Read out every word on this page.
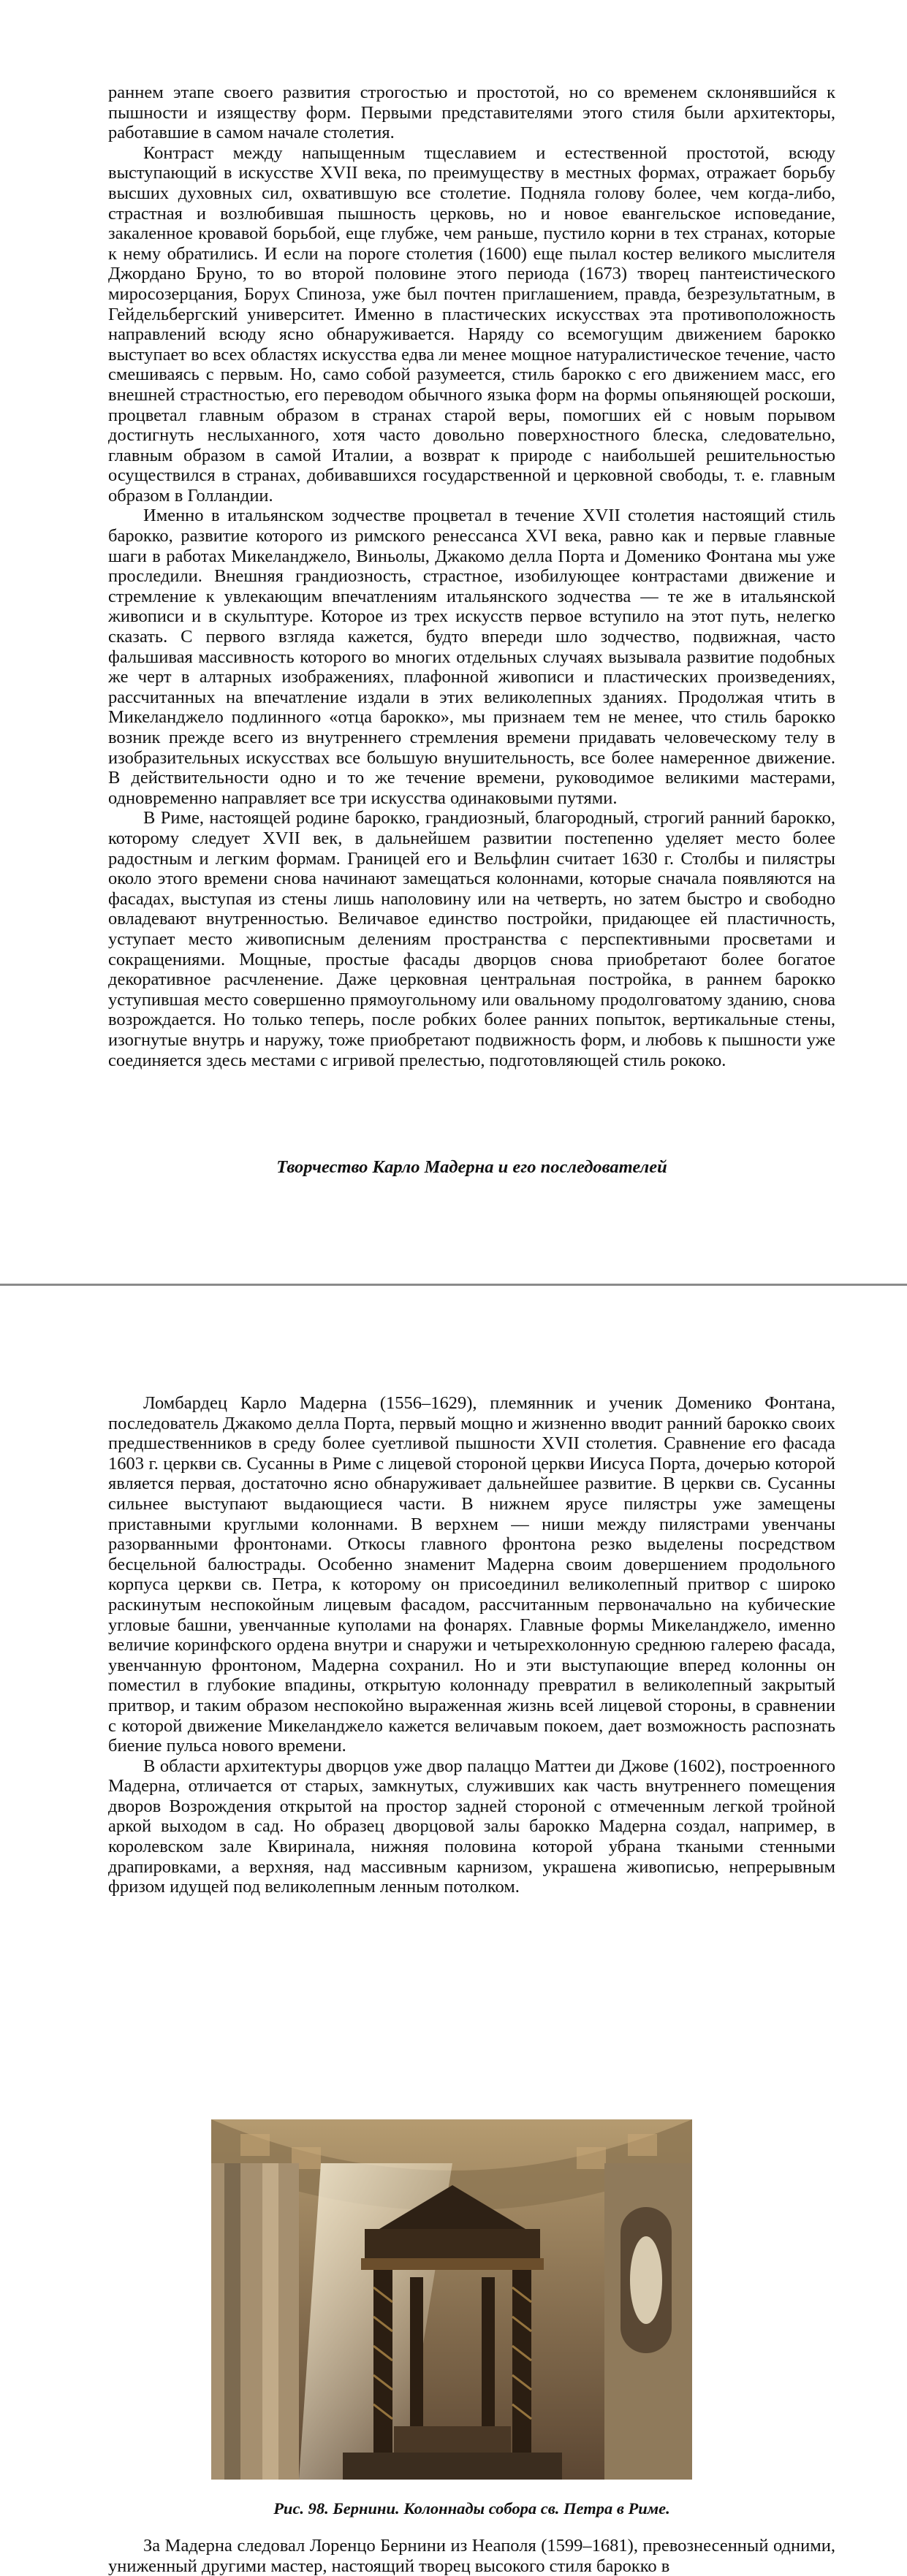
раннем этапе своего развития строгостью и простотой, но со временем склонявшийся к пышности и изяществу форм. Первыми представителями этого стиля были архитекторы, работавшие в самом начале столетия.

Контраст между напыщенным тщеславием и естественной простотой, всюду выступающий в искусстве XVII века, по преимуществу в местных формах, отражает борьбу высших духовных сил, охватившую все столетие. Подняла голову более, чем когда-либо, страстная и возлюбившая пышность церковь, но и новое евангельское исповедание, закаленное кровавой борьбой, еще глубже, чем раньше, пустило корни в тех странах, которые к нему обратились. И если на пороге столетия (1600) еще пылал костер великого мыслителя Джордано Бруно, то во второй половине этого периода (1673) творец пантеистического миросозерцания, Борух Спиноза, уже был почтен приглашением, правда, безрезультатным, в Гейдельбергский университет. Именно в пластических искусствах эта противоположность направлений всюду ясно обнаруживается. Наряду со всемогущим движением барокко выступает во всех областях искусства едва ли менее мощное натуралистическое течение, часто смешиваясь с первым. Но, само собой разумеется, стиль барокко с его движением масс, его внешней страстностью, его переводом обычного языка форм на формы опьяняющей роскоши, процветал главным образом в странах старой веры, помогших ей с новым порывом достигнуть неслыханного, хотя часто довольно поверхностного блеска, следовательно, главным образом в самой Италии, а возврат к природе с наибольшей решительностью осуществился в странах, добивавшихся государственной и церковной свободы, т. е. главным образом в Голландии.

Именно в итальянском зодчестве процветал в течение XVII столетия настоящий стиль барокко, развитие которого из римского ренессанса XVI века, равно как и первые главные шаги в работах Микеланджело, Виньолы, Джакомо делла Порта и Доменико Фонтана мы уже проследили. Внешняя грандиозность, страстное, изобилующее контрастами движение и стремление к увлекающим впечатлениям итальянского зодчества — те же в итальянской живописи и в скульптуре. Которое из трех искусств первое вступило на этот путь, нелегко сказать. С первого взгляда кажется, будто впереди шло зодчество, подвижная, часто фальшивая массивность которого во многих отдельных случаях вызывала развитие подобных же черт в алтарных изображениях, плафонной живописи и пластических произведениях, рассчитанных на впечатление издали в этих великолепных зданиях. Продолжая чтить в Микеланджело подлинного «отца барокко», мы признаем тем не менее, что стиль барокко возник прежде всего из внутреннего стремления времени придавать человеческому телу в изобразительных искусствах все большую внушительность, все более намеренное движение. В действительности одно и то же течение времени, руководимое великими мастерами, одновременно направляет все три искусства одинаковыми путями.

В Риме, настоящей родине барокко, грандиозный, благородный, строгий ранний барокко, которому следует XVII век, в дальнейшем развитии постепенно уделяет место более радостным и легким формам. Границей его и Вельфлин считает 1630 г. Столбы и пилястры около этого времени снова начинают замещаться колоннами, которые сначала появляются на фасадах, выступая из стены лишь наполовину или на четверть, но затем быстро и свободно овладевают внутренностью. Величавое единство постройки, придающее ей пластичность, уступает место живописным делениям пространства с перспективными просветами и сокращениями. Мощные, простые фасады дворцов снова приобретают более богатое декоративное расчленение. Даже церковная центральная постройка, в раннем барокко уступившая место совершенно прямоугольному или овальному продолговатому зданию, снова возрождается. Но только теперь, после робких более ранних попыток, вертикальные стены, изогнутые внутрь и наружу, тоже приобретают подвижность форм, и любовь к пышности уже соединяется здесь местами с игривой прелестью, подготовляющей стиль рококо.

Творчество Карло Мадерна и его последователей

Ломбардец Карло Мадерна (1556–1629), племянник и ученик Доменико Фонтана, последователь Джакомо делла Порта, первый мощно и жизненно вводит ранний барокко своих предшественников в среду более суетливой пышности XVII столетия. Сравнение его фасада 1603 г. церкви св. Сусанны в Риме с лицевой стороной церкви Иисуса Порта, дочерью которой является первая, достаточно ясно обнаруживает дальнейшее развитие. В церкви св. Сусанны сильнее выступают выдающиеся части. В нижнем ярусе пилястры уже замещены приставными круглыми колоннами. В верхнем — ниши между пилястрами увенчаны разорванными фронтонами. Откосы главного фронтона резко выделены посредством бесцельной балюстрады. Особенно знаменит Мадерна своим довершением продольного корпуса церкви св. Петра, к которому он присоединил великолепный притвор с широко раскинутым неспокойным лицевым фасадом, рассчитанным первоначально на кубические угловые башни, увенчанные куполами на фонарях. Главные формы Микеланджело, именно величие коринфского ордена внутри и снаружи и четырехколонную среднюю галерею фасада, увенчанную фронтоном, Мадерна сохранил. Но и эти выступающие вперед колонны он поместил в глубокие впадины, открытую колоннаду превратил в великолепный закрытый притвор, и таким образом неспокойно выраженная жизнь всей лицевой стороны, в сравнении с которой движение Микеланджело кажется величавым покоем, дает возможность распознать биение пульса нового времени.

В области архитектуры дворцов уже двор палаццо Маттеи ди Джове (1602), построенного Мадерна, отличается от старых, замкнутых, служивших как часть внутреннего помещения дворов Возрождения открытой на простор задней стороной с отмеченным легкой тройной аркой выходом в сад. Но образец дворцовой залы барокко Мадерна создал, например, в королевском зале Квиринала, нижняя половина которой убрана ткаными стенными драпировками, а верхняя, над массивным карнизом, украшена живописью, непрерывным фризом идущей под великолепным ленным потолком.

Рис. 98. Бернини. Колоннады собора св. Петра в Риме.

За Мадерна следовал Лоренцо Бернини из Неаполя (1599–1681), превознесенный одними, униженный другими мастер, настоящий творец высокого стиля барокко в
